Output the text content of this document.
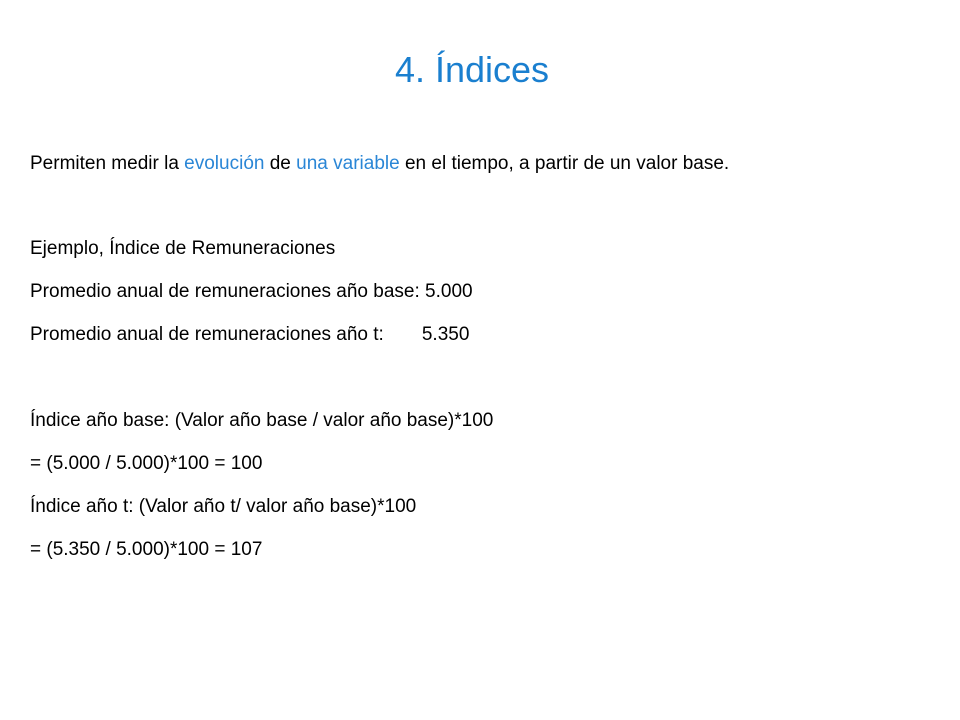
4. Índices
Permiten medir la evolución de una variable en el tiempo, a partir de un valor base.
Ejemplo, Índice de Remuneraciones
Promedio anual de remuneraciones año base: 5.000
Promedio anual de remuneraciones año t: 5.350
Índice año base: (Valor año base / valor año base)*100
= (5.000 / 5.000)*100 = 100
Índice año t: (Valor año t/ valor año base)*100
= (5.350 / 5.000)*100 = 107
